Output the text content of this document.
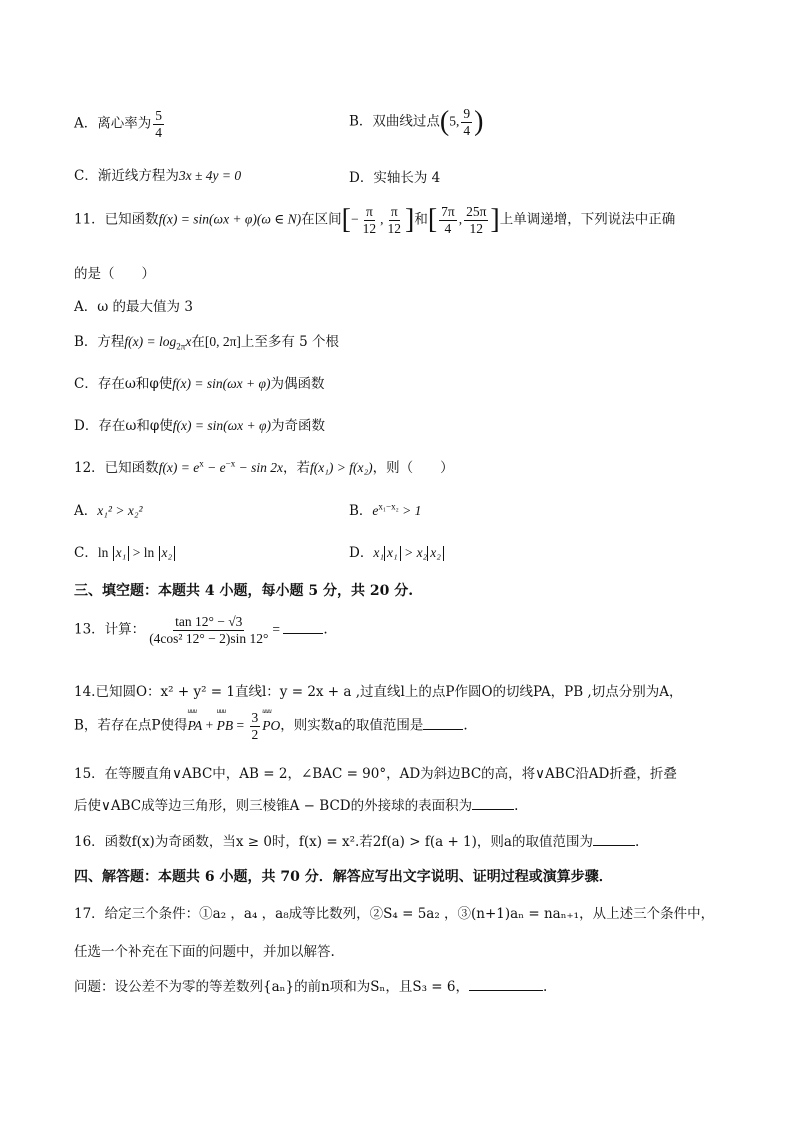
A．离心率为 $\frac{5}{4}$	B．双曲线过点(5, $\frac{9}{4}$ )
C．渐近线方程为3x ± 4y = 0	D．实轴长为 4
11．已知函数f(x) = sin(ωx + φ)(ω ∈ N)在区间[− $\frac{\pi}{12}$ , $\frac{\pi}{12}$ ]和[ $\frac{7\pi}{4}$ , $\frac{25\pi}{12}$ ]上单调递增，下列说法中正确
的是（　　）
A．ω 的最大值为 3
B．方程$f(x) = \log_{2\pi}x$在[0, 2π]上至多有 5 个根
C．存在ω和φ使f(x) = sin(ωx + φ)为偶函数
D．存在ω和φ使f(x) = sin(ωx + φ)为奇函数
12．已知函数$f(x) = e^x - e^{-x} - \sin 2x$，若f(x₁) > f(x₂)，则（　　）
A．x₁² > x₂²	B．$e^{x_1-x_2} > 1$
C．ln x₁ > ln x₂	D．x₁ x₁ > x₂ x₂
三、填空题：本题共 4 小题，每小题 5 分，共 20 分.
13．计算： $\frac{\tan 12^\circ - √3}{\text{(4cos² 12° − 2)sin 12°}}$ =	.
14.已知圆O：x² + y² = 1直线l：y = 2x + a ,过直线l上的点P作圆O的切线PA，PB ,切点分别为A，
B，若存在点P使得uuu PA + uuu PB = $\frac{3}{2}$
uuu PO，则实数a的取值范围是	.
15．在等腰直角∨ABC中，AB = 2，∠BAC = 90°，AD为斜边BC的高，将∨ABC沿AD折叠，折叠
后使∨ABC成等边三角形，则三棱锥A − BCD的外接球的表面积为	.
16．函数f(x)为奇函数，当x ≥ 0时，f(x) = x².若2f(a) > f(a + 1)，则a的取值范围为	.
四、解答题：本题共 6 小题，共 70 分．解答应写出文字说明、证明过程或演算步骤．
17．给定三个条件：①a₂ ，a₄ ，a₈成等比数列，②S₄ = 5a₂ ，③(n+1)aₙ = naₙ₊₁，从上述三个条件中，
任选一个补充在下面的问题中，并加以解答.
问题：设公差不为零的等差数列{aₙ}的前n项和为Sₙ，且S₃ = 6，	.
